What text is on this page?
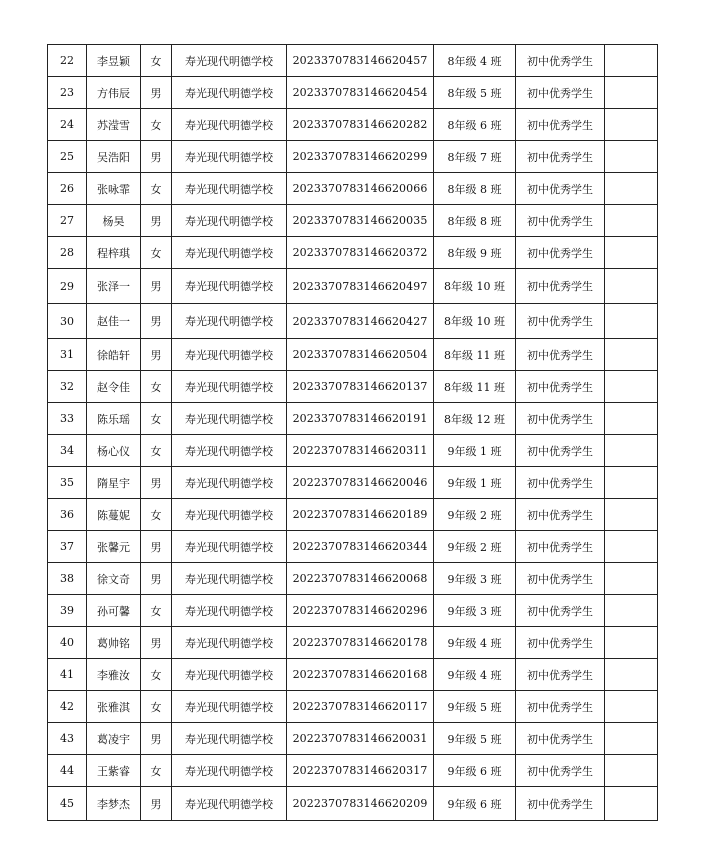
22	李昱颖	女	寿光现代明德学校	2023370783146620457	8年级 4 班	初中优秀学生	
23	方伟辰	男	寿光现代明德学校	2023370783146620454	8年级 5 班	初中优秀学生	
24	苏滢雪	女	寿光现代明德学校	2023370783146620282	8年级 6 班	初中优秀学生	
25	吴浩阳	男	寿光现代明德学校	2023370783146620299	8年级 7 班	初中优秀学生	
26	张咏霏	女	寿光现代明德学校	2023370783146620066	8年级 8 班	初中优秀学生	
27	杨昊	男	寿光现代明德学校	2023370783146620035	8年级 8 班	初中优秀学生	
28	程梓琪	女	寿光现代明德学校	2023370783146620372	8年级 9 班	初中优秀学生	
29	张泽一	男	寿光现代明德学校	2023370783146620497	8年级 10 班	初中优秀学生	
30	赵佳一	男	寿光现代明德学校	2023370783146620427	8年级 10 班	初中优秀学生	
31	徐皓轩	男	寿光现代明德学校	2023370783146620504	8年级 11 班	初中优秀学生	
32	赵令佳	女	寿光现代明德学校	2023370783146620137	8年级 11 班	初中优秀学生	
33	陈乐瑶	女	寿光现代明德学校	2023370783146620191	8年级 12 班	初中优秀学生	
34	杨心仪	女	寿光现代明德学校	2022370783146620311	9年级 1 班	初中优秀学生	
35	隋星宇	男	寿光现代明德学校	2022370783146620046	9年级 1 班	初中优秀学生	
36	陈蔓妮	女	寿光现代明德学校	2022370783146620189	9年级 2 班	初中优秀学生	
37	张馨元	男	寿光现代明德学校	2022370783146620344	9年级 2 班	初中优秀学生	
38	徐文奇	男	寿光现代明德学校	2022370783146620068	9年级 3 班	初中优秀学生	
39	孙可馨	女	寿光现代明德学校	2022370783146620296	9年级 3 班	初中优秀学生	
40	葛帅铭	男	寿光现代明德学校	2022370783146620178	9年级 4 班	初中优秀学生	
41	李雅汝	女	寿光现代明德学校	2022370783146620168	9年级 4 班	初中优秀学生	
42	张雅淇	女	寿光现代明德学校	2022370783146620117	9年级 5 班	初中优秀学生	
43	葛凌宇	男	寿光现代明德学校	2022370783146620031	9年级 5 班	初中优秀学生	
44	王紫睿	女	寿光现代明德学校	2022370783146620317	9年级 6 班	初中优秀学生	
45	李梦杰	男	寿光现代明德学校	2022370783146620209	9年级 6 班	初中优秀学生	
